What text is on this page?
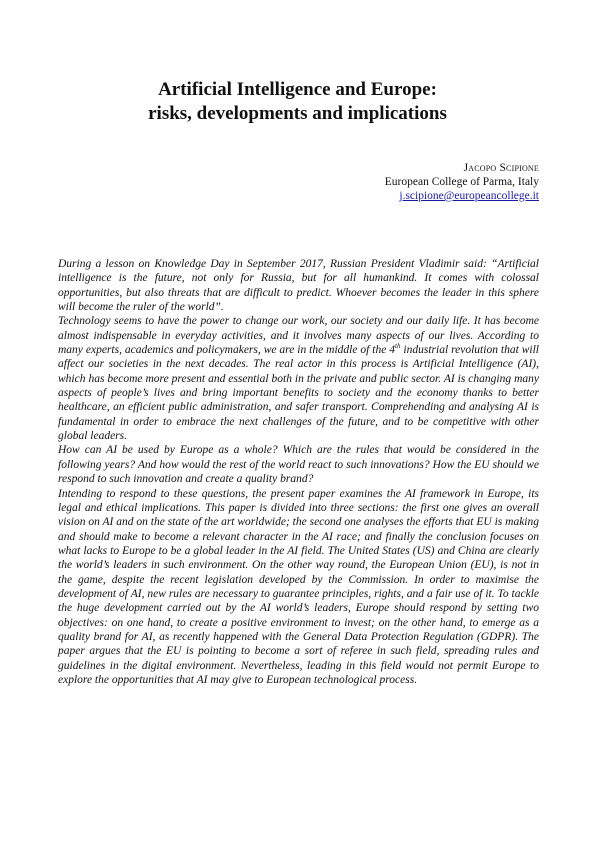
Artificial Intelligence and Europe:
risks, developments and implications
Jacopo Scipione
European College of Parma, Italy
j.scipione@europeancollege.it

During a lesson on Knowledge Day in September 2017, Russian President Vladimir said: “Artificial intelligence is the future, not only for Russia, but for all humankind. It comes with colossal opportunities, but also threats that are difficult to predict. Whoever becomes the leader in this sphere will become the ruler of the world”.

Technology seems to have the power to change our work, our society and our daily life. It has become almost indispensable in everyday activities, and it involves many aspects of our lives. According to many experts, academics and policymakers, we are in the middle of the 4th industrial revolution that will affect our societies in the next decades. The real actor in this process is Artificial Intelligence (AI), which has become more present and essential both in the private and public sector. AI is changing many aspects of people’s lives and bring important benefits to society and the economy thanks to better healthcare, an efficient public administration, and safer transport. Comprehending and analysing AI is fundamental in order to embrace the next challenges of the future, and to be competitive with other global leaders.

How can AI be used by Europe as a whole? Which are the rules that would be considered in the following years? And how would the rest of the world react to such innovations? How the EU should we respond to such innovation and create a quality brand?

Intending to respond to these questions, the present paper examines the AI framework in Europe, its legal and ethical implications. This paper is divided into three sections: the first one gives an overall vision on AI and on the state of the art worldwide; the second one analyses the efforts that EU is making and should make to become a relevant character in the AI race; and finally the conclusion focuses on what lacks to Europe to be a global leader in the AI field. The United States (US) and China are clearly the world’s leaders in such environment. On the other way round, the European Union (EU), is not in the game, despite the recent legislation developed by the Commission. In order to maximise the development of AI, new rules are necessary to guarantee principles, rights, and a fair use of it. To tackle the huge development carried out by the AI world’s leaders, Europe should respond by setting two objectives: on one hand, to create a positive environment to invest; on the other hand, to emerge as a quality brand for AI, as recently happened with the General Data Protection Regulation (GDPR). The paper argues that the EU is pointing to become a sort of referee in such field, spreading rules and guidelines in the digital environment. Nevertheless, leading in this field would not permit Europe to explore the opportunities that AI may give to European technological process.
